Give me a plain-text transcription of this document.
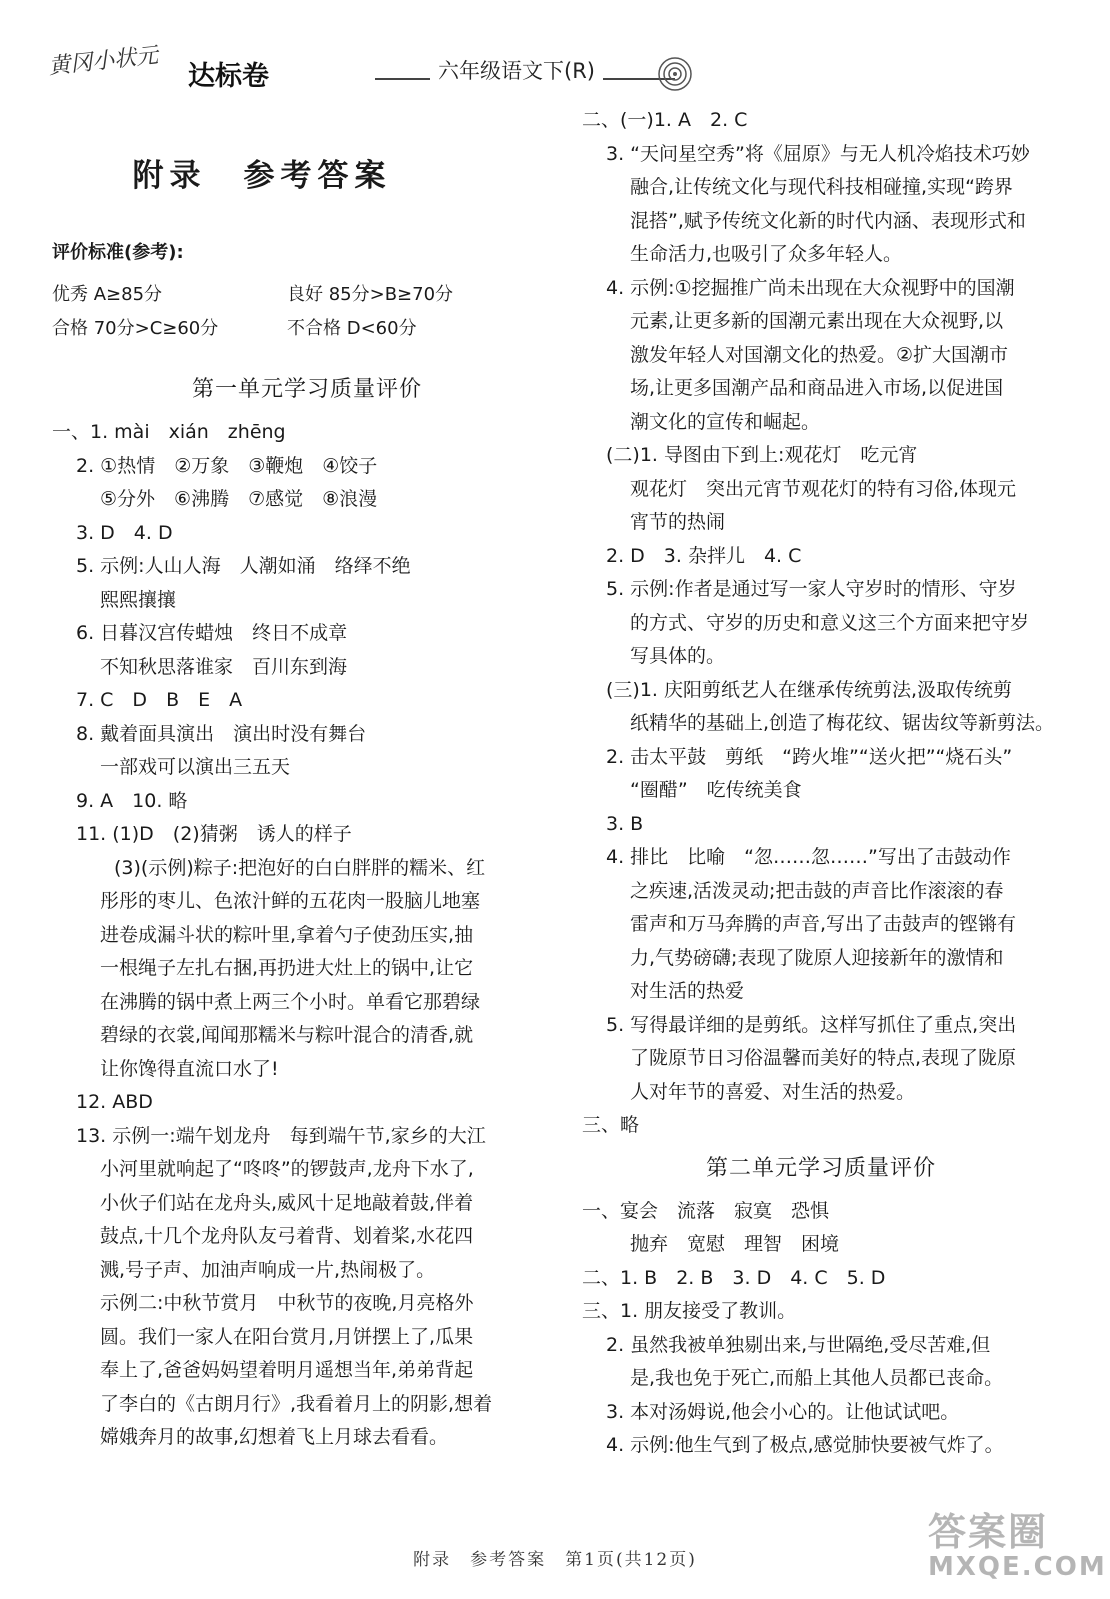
黄冈小状元 达标卷	六年级语文下(R)
附录　参考答案
评价标准(参考):
优秀 A≥85分	良好 85分>B≥70分
合格 70分>C≥60分	不合格 D<60分
第一单元学习质量评价
一、1. mài　xián　zhēng
2. ①热情　②万象　③鞭炮　④饺子
⑤分外　⑥沸腾　⑦感觉　⑧浪漫
3. D　4. D
5. 示例:人山人海　人潮如涌　络绎不绝
熙熙攘攘
6. 日暮汉宫传蜡烛　终日不成章
不知秋思落谁家　百川东到海
7. C　D　B　E　A
8. 戴着面具演出　演出时没有舞台
一部戏可以演出三五天
9. A　10. 略
11. (1)D　(2)猜粥　诱人的样子
(3)(示例)粽子:把泡好的白白胖胖的糯米、红
彤彤的枣儿、色浓汁鲜的五花肉一股脑儿地塞
进卷成漏斗状的粽叶里,拿着勺子使劲压实,抽
一根绳子左扎右捆,再扔进大灶上的锅中,让它
在沸腾的锅中煮上两三个小时。单看它那碧绿
碧绿的衣裳,闻闻那糯米与粽叶混合的清香,就
让你馋得直流口水了!
12. ABD
13. 示例一:端午划龙舟　每到端午节,家乡的大江
小河里就响起了“咚咚”的锣鼓声,龙舟下水了,
小伙子们站在龙舟头,威风十足地敲着鼓,伴着
鼓点,十几个龙舟队友弓着背、划着桨,水花四
溅,号子声、加油声响成一片,热闹极了。
示例二:中秋节赏月　中秋节的夜晚,月亮格外
圆。我们一家人在阳台赏月,月饼摆上了,瓜果
奉上了,爸爸妈妈望着明月遥想当年,弟弟背起
了李白的《古朗月行》,我看着月上的阴影,想着
嫦娥奔月的故事,幻想着飞上月球去看看。
二、(一)1. A　2. C
3. “天问星空秀”将《屈原》与无人机冷焰技术巧妙
融合,让传统文化与现代科技相碰撞,实现“跨界
混搭”,赋予传统文化新的时代内涵、表现形式和
生命活力,也吸引了众多年轻人。
4. 示例:①挖掘推广尚未出现在大众视野中的国潮
元素,让更多新的国潮元素出现在大众视野,以
激发年轻人对国潮文化的热爱。②扩大国潮市
场,让更多国潮产品和商品进入市场,以促进国
潮文化的宣传和崛起。
(二)1. 导图由下到上:观花灯　吃元宵
观花灯　突出元宵节观花灯的特有习俗,体现元
宵节的热闹
2. D　3. 杂拌儿　4. C
5. 示例:作者是通过写一家人守岁时的情形、守岁
的方式、守岁的历史和意义这三个方面来把守岁
写具体的。
(三)1. 庆阳剪纸艺人在继承传统剪法,汲取传统剪
纸精华的基础上,创造了梅花纹、锯齿纹等新剪法。
2. 击太平鼓　剪纸　“跨火堆”“送火把”“烧石头”
“圈醋”　吃传统美食
3. B
4. 排比　比喻　“忽……忽……”写出了击鼓动作
之疾速,活泼灵动;把击鼓的声音比作滚滚的春
雷声和万马奔腾的声音,写出了击鼓声的铿锵有
力,气势磅礴;表现了陇原人迎接新年的激情和
对生活的热爱
5. 写得最详细的是剪纸。这样写抓住了重点,突出
了陇原节日习俗温馨而美好的特点,表现了陇原
人对年节的喜爱、对生活的热爱。
三、略
第二单元学习质量评价
一、宴会　流落　寂寞　恐惧
抛弃　宽慰　理智　困境
二、1. B　2. B　3. D　4. C　5. D
三、1. 朋友接受了教训。
2. 虽然我被单独剔出来,与世隔绝,受尽苦难,但
是,我也免于死亡,而船上其他人员都已丧命。
3. 本对汤姆说,他会小心的。让他试试吧。
4. 示例:他生气到了极点,感觉肺快要被气炸了。
附录　参考答案　第1页(共12页)
答案圈
MXQE.COM
